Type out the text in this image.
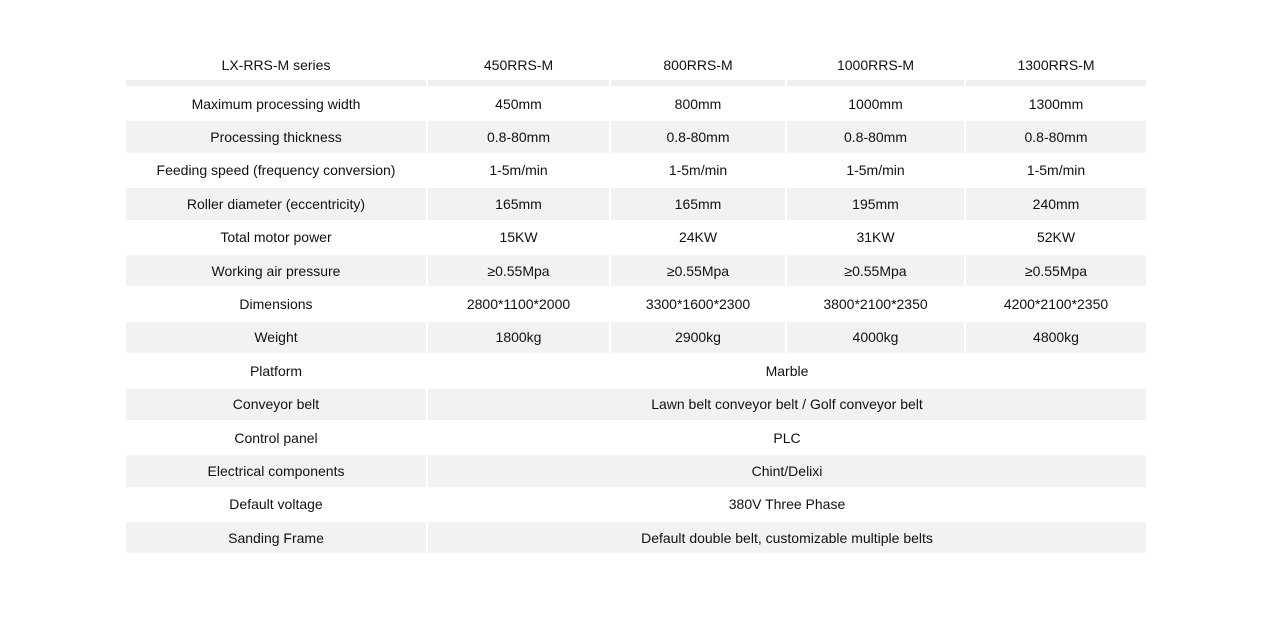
LX-RRS-M series	450RRS-M	800RRS-M	1000RRS-M	1300RRS-M
Maximum processing width	450mm	800mm	1000mm	1300mm
Processing thickness	0.8-80mm	0.8-80mm	0.8-80mm	0.8-80mm
Feeding speed (frequency conversion)	1-5m/min	1-5m/min	1-5m/min	1-5m/min
Roller diameter (eccentricity)	165mm	165mm	195mm	240mm
Total motor power	15KW	24KW	31KW	52KW
Working air pressure	≥0.55Mpa	≥0.55Mpa	≥0.55Mpa	≥0.55Mpa
Dimensions	2800*1100*2000	3300*1600*2300	3800*2100*2350	4200*2100*2350
Weight	1800kg	2900kg	4000kg	4800kg
Platform	Marble			
Conveyor belt	Lawn belt conveyor belt / Golf conveyor belt			
Control panel	PLC			
Electrical components	Chint/Delixi			
Default voltage	380V Three Phase			
Sanding Frame	Default double belt, customizable multiple belts			
